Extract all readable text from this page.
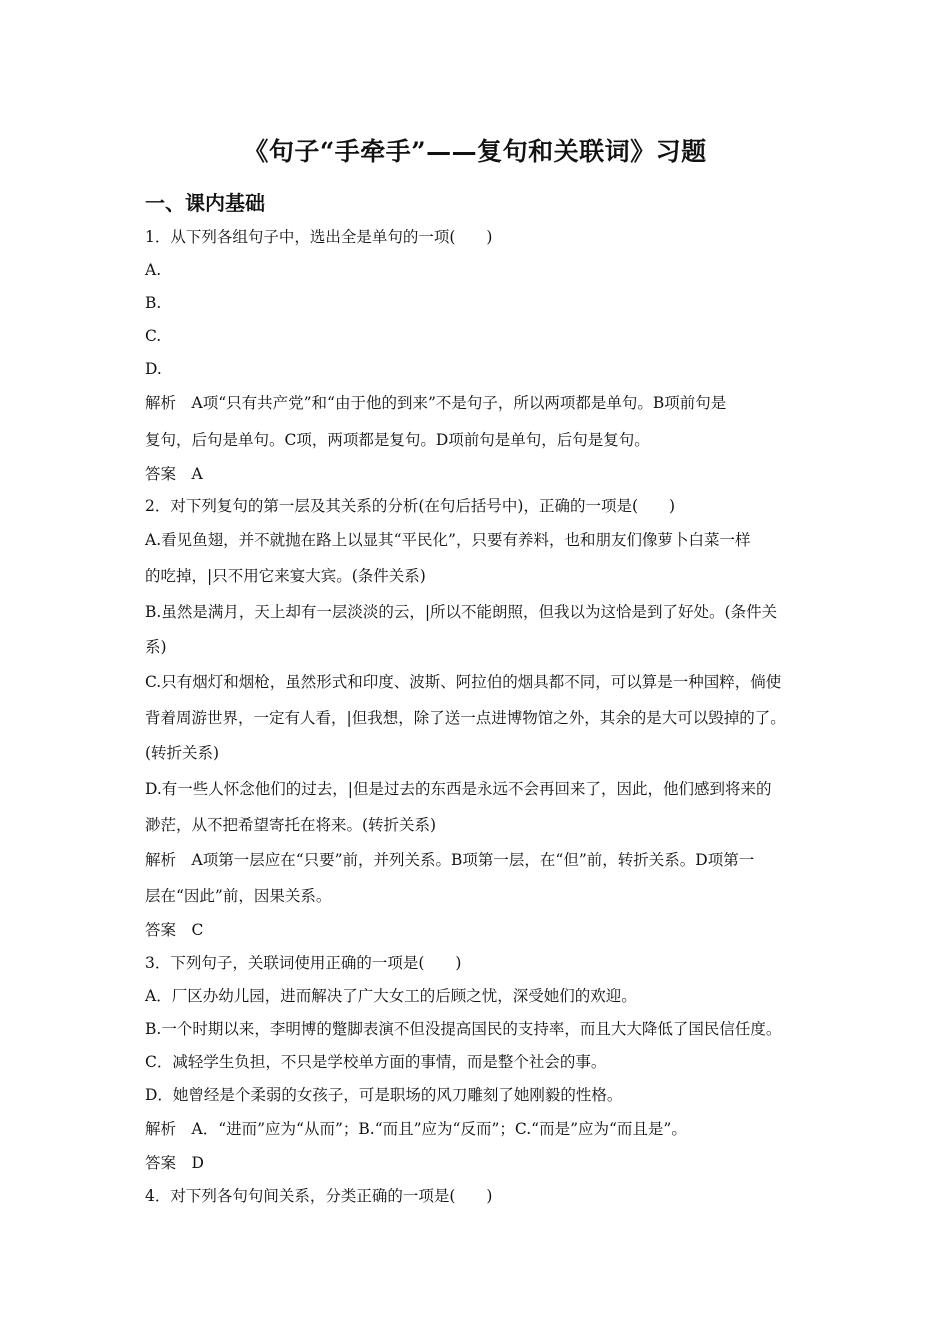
《句子“手牵手”——复句和关联词》习题
一、课内基础
1．从下列各组句子中，选出全是单句的一项(　　)
A.
B.
C.
D.
解析　A项“只有共产党”和“由于他的到来”不是句子，所以两项都是单句。B项前句是
复句，后句是单句。C项，两项都是复句。D项前句是单句，后句是复句。
答案　A
2．对下列复句的第一层及其关系的分析(在句后括号中)，正确的一项是(　　)
A.看见鱼翅，并不就抛在路上以显其“平民化”，只要有养料，也和朋友们像萝卜白菜一样
的吃掉，|只不用它来宴大宾。(条件关系)
B.虽然是满月，天上却有一层淡淡的云，|所以不能朗照，但我以为这恰是到了好处。(条件关
系)
C.只有烟灯和烟枪，虽然形式和印度、波斯、阿拉伯的烟具都不同，可以算是一种国粹，倘使
背着周游世界，一定有人看，|但我想，除了送一点进博物馆之外，其余的是大可以毁掉的了。
(转折关系)
D.有一些人怀念他们的过去，|但是过去的东西是永远不会再回来了，因此，他们感到将来的
渺茫，从不把希望寄托在将来。(转折关系)
解析　A项第一层应在“只要”前，并列关系。B项第一层，在“但”前，转折关系。D项第一
层在“因此”前，因果关系。
答案　C
3．下列句子，关联词使用正确的一项是(　　)
A．厂区办幼儿园，进而解决了广大女工的后顾之忧，深受她们的欢迎。
B.一个时期以来，李明博的蹩脚表演不但没提高国民的支持率，而且大大降低了国民信任度。
C．减轻学生负担，不只是学校单方面的事情，而是整个社会的事。
D．她曾经是个柔弱的女孩子，可是职场的风刀雕刻了她刚毅的性格。
解析　A．“进而”应为“从而”；B.“而且”应为“反而”；C.“而是”应为“而且是”。
答案　D
4．对下列各句句间关系，分类正确的一项是(　　)
